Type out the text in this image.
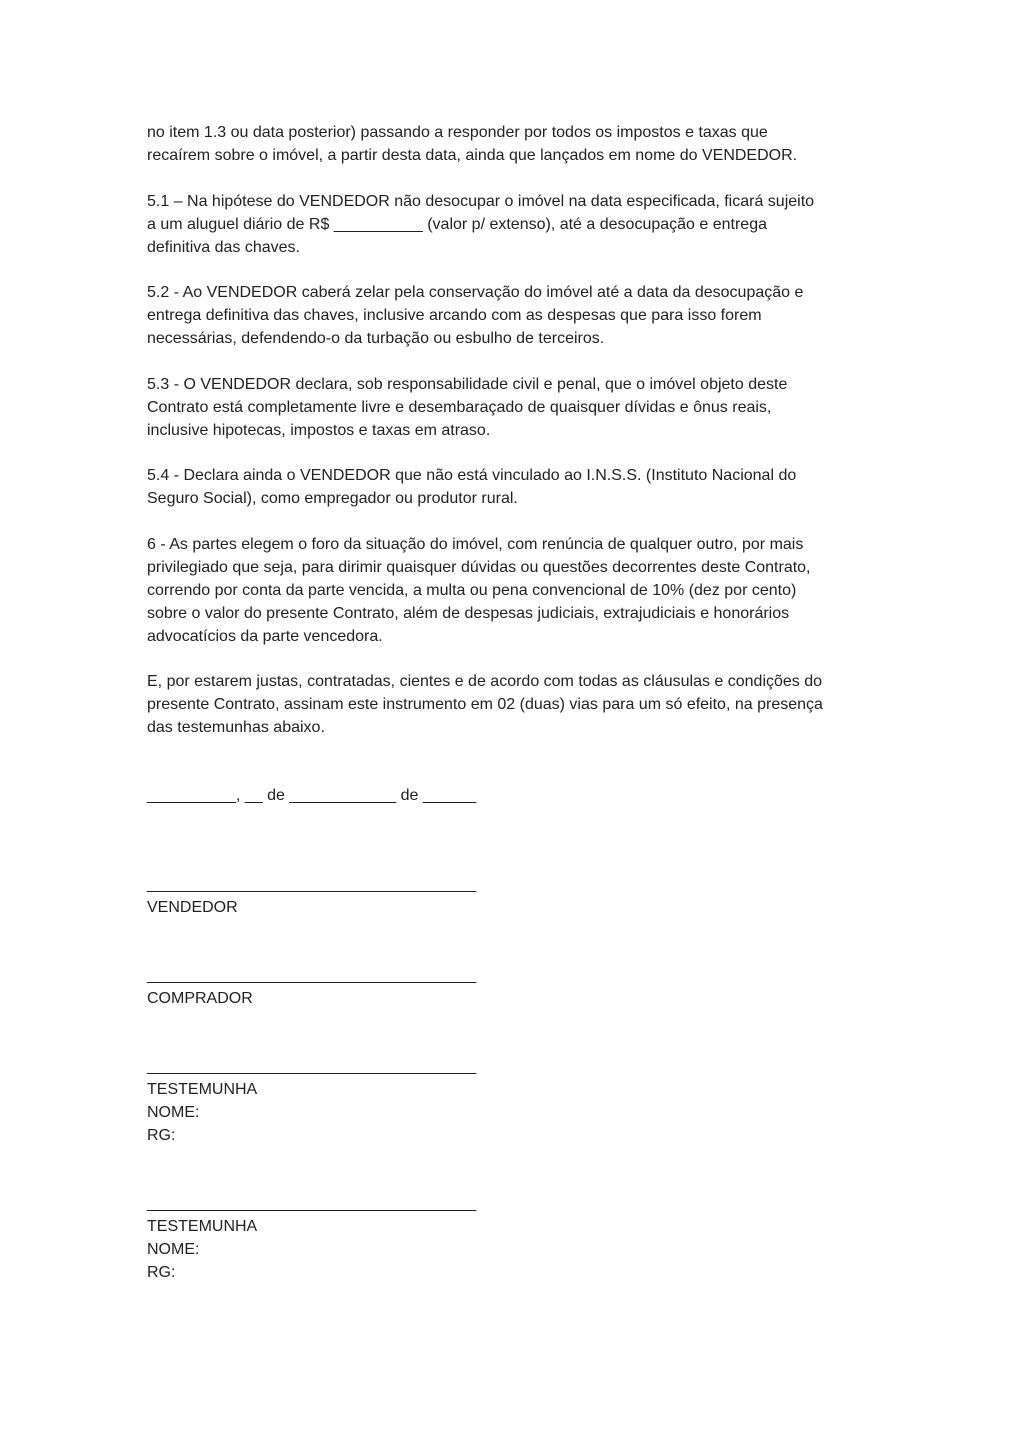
no item 1.3 ou data posterior) passando a responder por todos os impostos e taxas que
recaírem sobre o imóvel, a partir desta data, ainda que lançados em nome do VENDEDOR.

5.1 – Na hipótese do VENDEDOR não desocupar o imóvel na data especificada, ficará sujeito
a um aluguel diário de R$ __________ (valor p/ extenso), até a desocupação e entrega
definitiva das chaves.

5.2 - Ao VENDEDOR caberá zelar pela conservação do imóvel até a data da desocupação e
entrega definitiva das chaves, inclusive arcando com as despesas que para isso forem
necessárias, defendendo-o da turbação ou esbulho de terceiros.

5.3 - O VENDEDOR declara, sob responsabilidade civil e penal, que o imóvel objeto deste
Contrato está completamente livre e desembaraçado de quaisquer dívidas e ônus reais,
inclusive hipotecas, impostos e taxas em atraso.

5.4 - Declara ainda o VENDEDOR que não está vinculado ao I.N.S.S. (Instituto Nacional do
Seguro Social), como empregador ou produtor rural.

6 - As partes elegem o foro da situação do imóvel, com renúncia de qualquer outro, por mais
privilegiado que seja, para dirimir quaisquer dúvidas ou questões decorrentes deste Contrato,
correndo por conta da parte vencida, a multa ou pena convencional de 10% (dez por cento)
sobre o valor do presente Contrato, além de despesas judiciais, extrajudiciais e honorários
advocatícios da parte vencedora.

E, por estarem justas, contratadas, cientes e de acordo com todas as cláusulas e condições do
presente Contrato, assinam este instrumento em 02 (duas) vias para um só efeito, na presença
das testemunhas abaixo.

__________, __ de ____________ de ______
_____________________________________
VENDEDOR
_____________________________________
COMPRADOR
_____________________________________
TESTEMUNHA
NOME:
RG:
_____________________________________
TESTEMUNHA
NOME:
RG:
